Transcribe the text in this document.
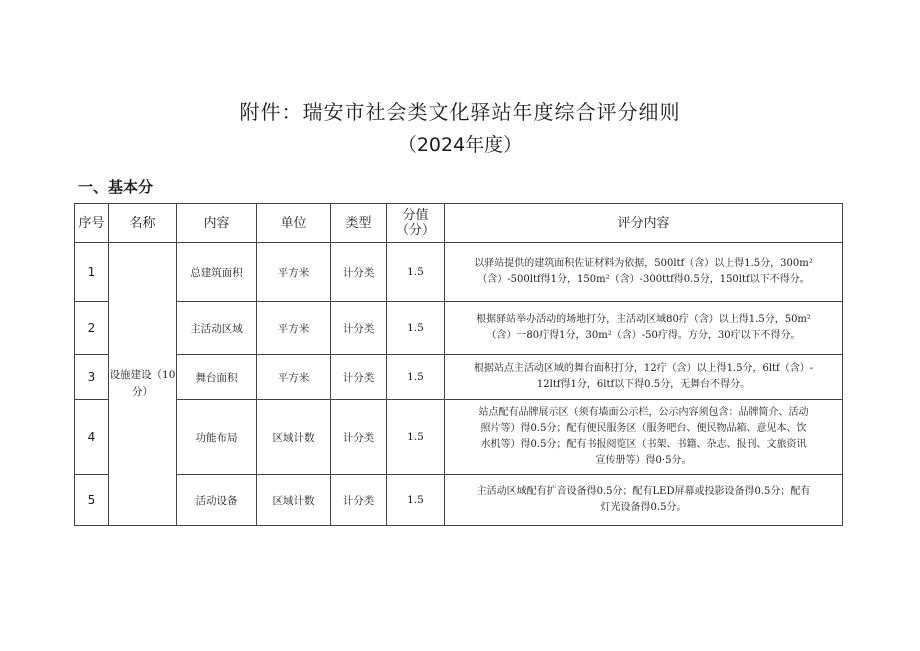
附件：瑞安市社会类文化驿站年度综合评分细则
（2024年度）
一、基本分
序号	名称	内容	单位	类型	分值（分）	评分内容
1	设施建设（10分）	总建筑面积	平方米	计分类	1.5	以驿站提供的建筑面积佐证材料为依据，500ltf（含）以上得1.5分，300m²
（含）-500ltf得1分，150m²（含）-300ttf得0.5分，150ltf以下不得分。

2		主活动区域	平方米	计分类	1.5	根据驿站举办活动的场地打分，主活动区域80疔（含）以上得1.5分，50m²
（含）一80疔得1分，30m²（含）-50疔得。方分，30疔以下不得分。

3		舞台面积	平方米	计分类	1.5	根据站点主活动区域的舞台面积打分，12疔（含）以上得1.5分，6ltf（含）-
12ltf得1分，6ltf以下得0.5分，无舞台不得分。

4		功能布局	区域计数	计分类	1.5	站点配有品牌展示区（须有墙面公示栏，公示内容须包含：品牌简介、活动
照片等）得0.5分；配有便民服务区（服务吧台、便民物品箱、意见本、饮
水机等）得0.5分；配有书报阅览区（书架、书籍、杂志、报刊、文旅资讯
宣传册等）得0·5分。

5		活动设备	区域计数	计分类	1.5	主活动区域配有扩音设备得0.5分；配有LED屏幕或投影设备得0.5分；配有
灯光设备得0.5分。
